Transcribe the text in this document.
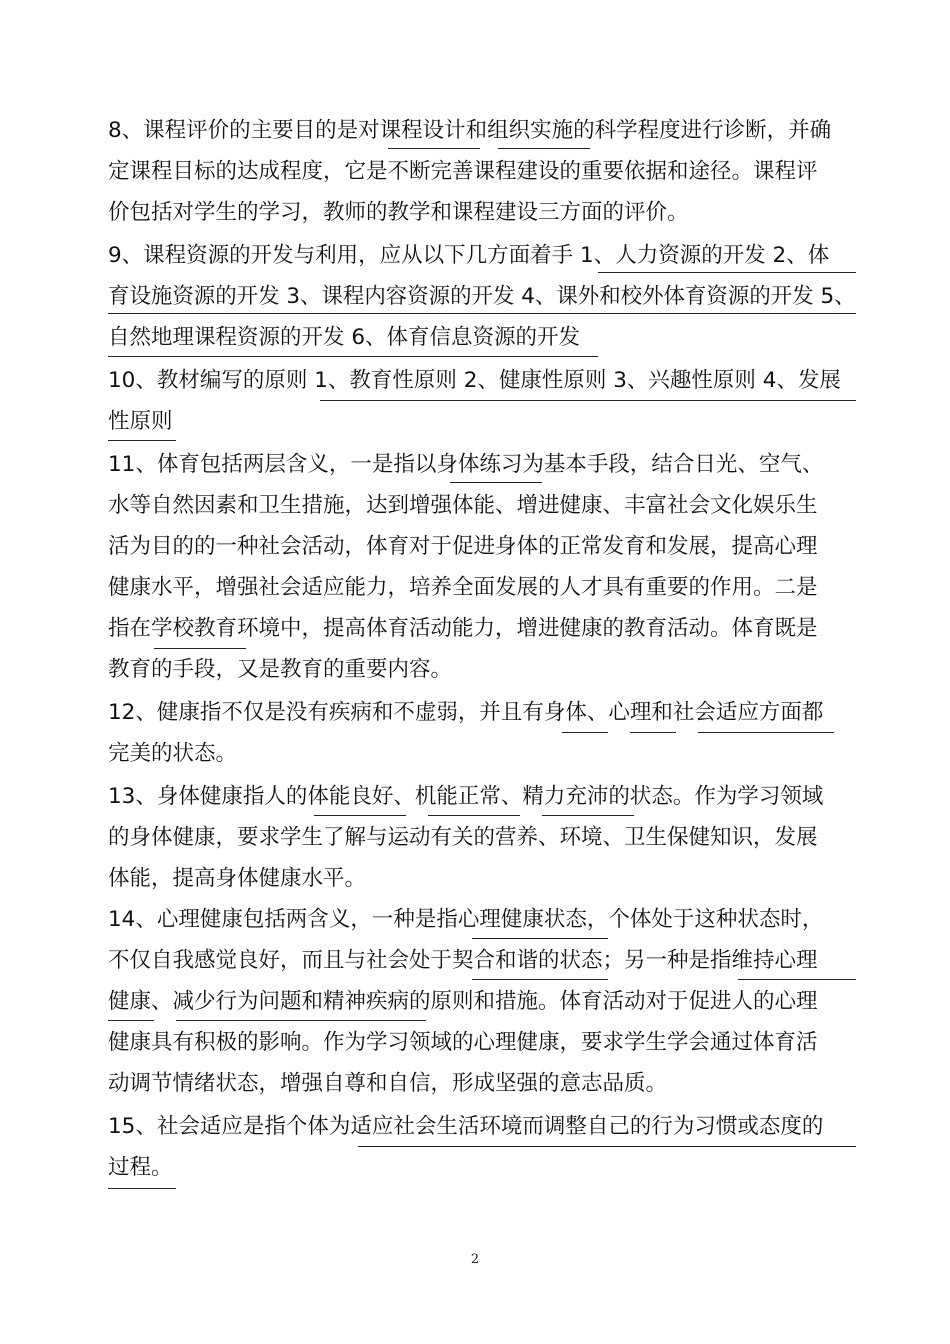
8、课程评价的主要目的是对课程设计和组织实施的科学程度进行诊断，并确
定课程目标的达成程度，它是不断完善课程建设的重要依据和途径。课程评
价包括对学生的学习，教师的教学和课程建设三方面的评价。
9、课程资源的开发与利用，应从以下几方面着手 1、人力资源的开发 2、体
育设施资源的开发 3、课程内容资源的开发 4、课外和校外体育资源的开发 5、
自然地理课程资源的开发 6、体育信息资源的开发
10、教材编写的原则 1、教育性原则 2、健康性原则 3、兴趣性原则 4、发展
性原则
11、体育包括两层含义，一是指以身体练习为基本手段，结合日光、空气、
水等自然因素和卫生措施，达到增强体能、增进健康、丰富社会文化娱乐生
活为目的的一种社会活动，体育对于促进身体的正常发育和发展，提高心理
健康水平，增强社会适应能力，培养全面发展的人才具有重要的作用。二是
指在学校教育环境中，提高体育活动能力，增进健康的教育活动。体育既是
教育的手段，又是教育的重要内容。
12、健康指不仅是没有疾病和不虚弱，并且有身体、心理和社会适应方面都
完美的状态。
13、身体健康指人的体能良好、机能正常、精力充沛的状态。作为学习领域
的身体健康，要求学生了解与运动有关的营养、环境、卫生保健知识，发展
体能，提高身体健康水平。
14、心理健康包括两含义，一种是指心理健康状态，个体处于这种状态时，
不仅自我感觉良好，而且与社会处于契合和谐的状态；另一种是指维持心理
健康、减少行为问题和精神疾病的原则和措施。体育活动对于促进人的心理
健康具有积极的影响。作为学习领域的心理健康，要求学生学会通过体育活
动调节情绪状态，增强自尊和自信，形成坚强的意志品质。
15、社会适应是指个体为适应社会生活环境而调整自己的行为习惯或态度的
过程。
2
